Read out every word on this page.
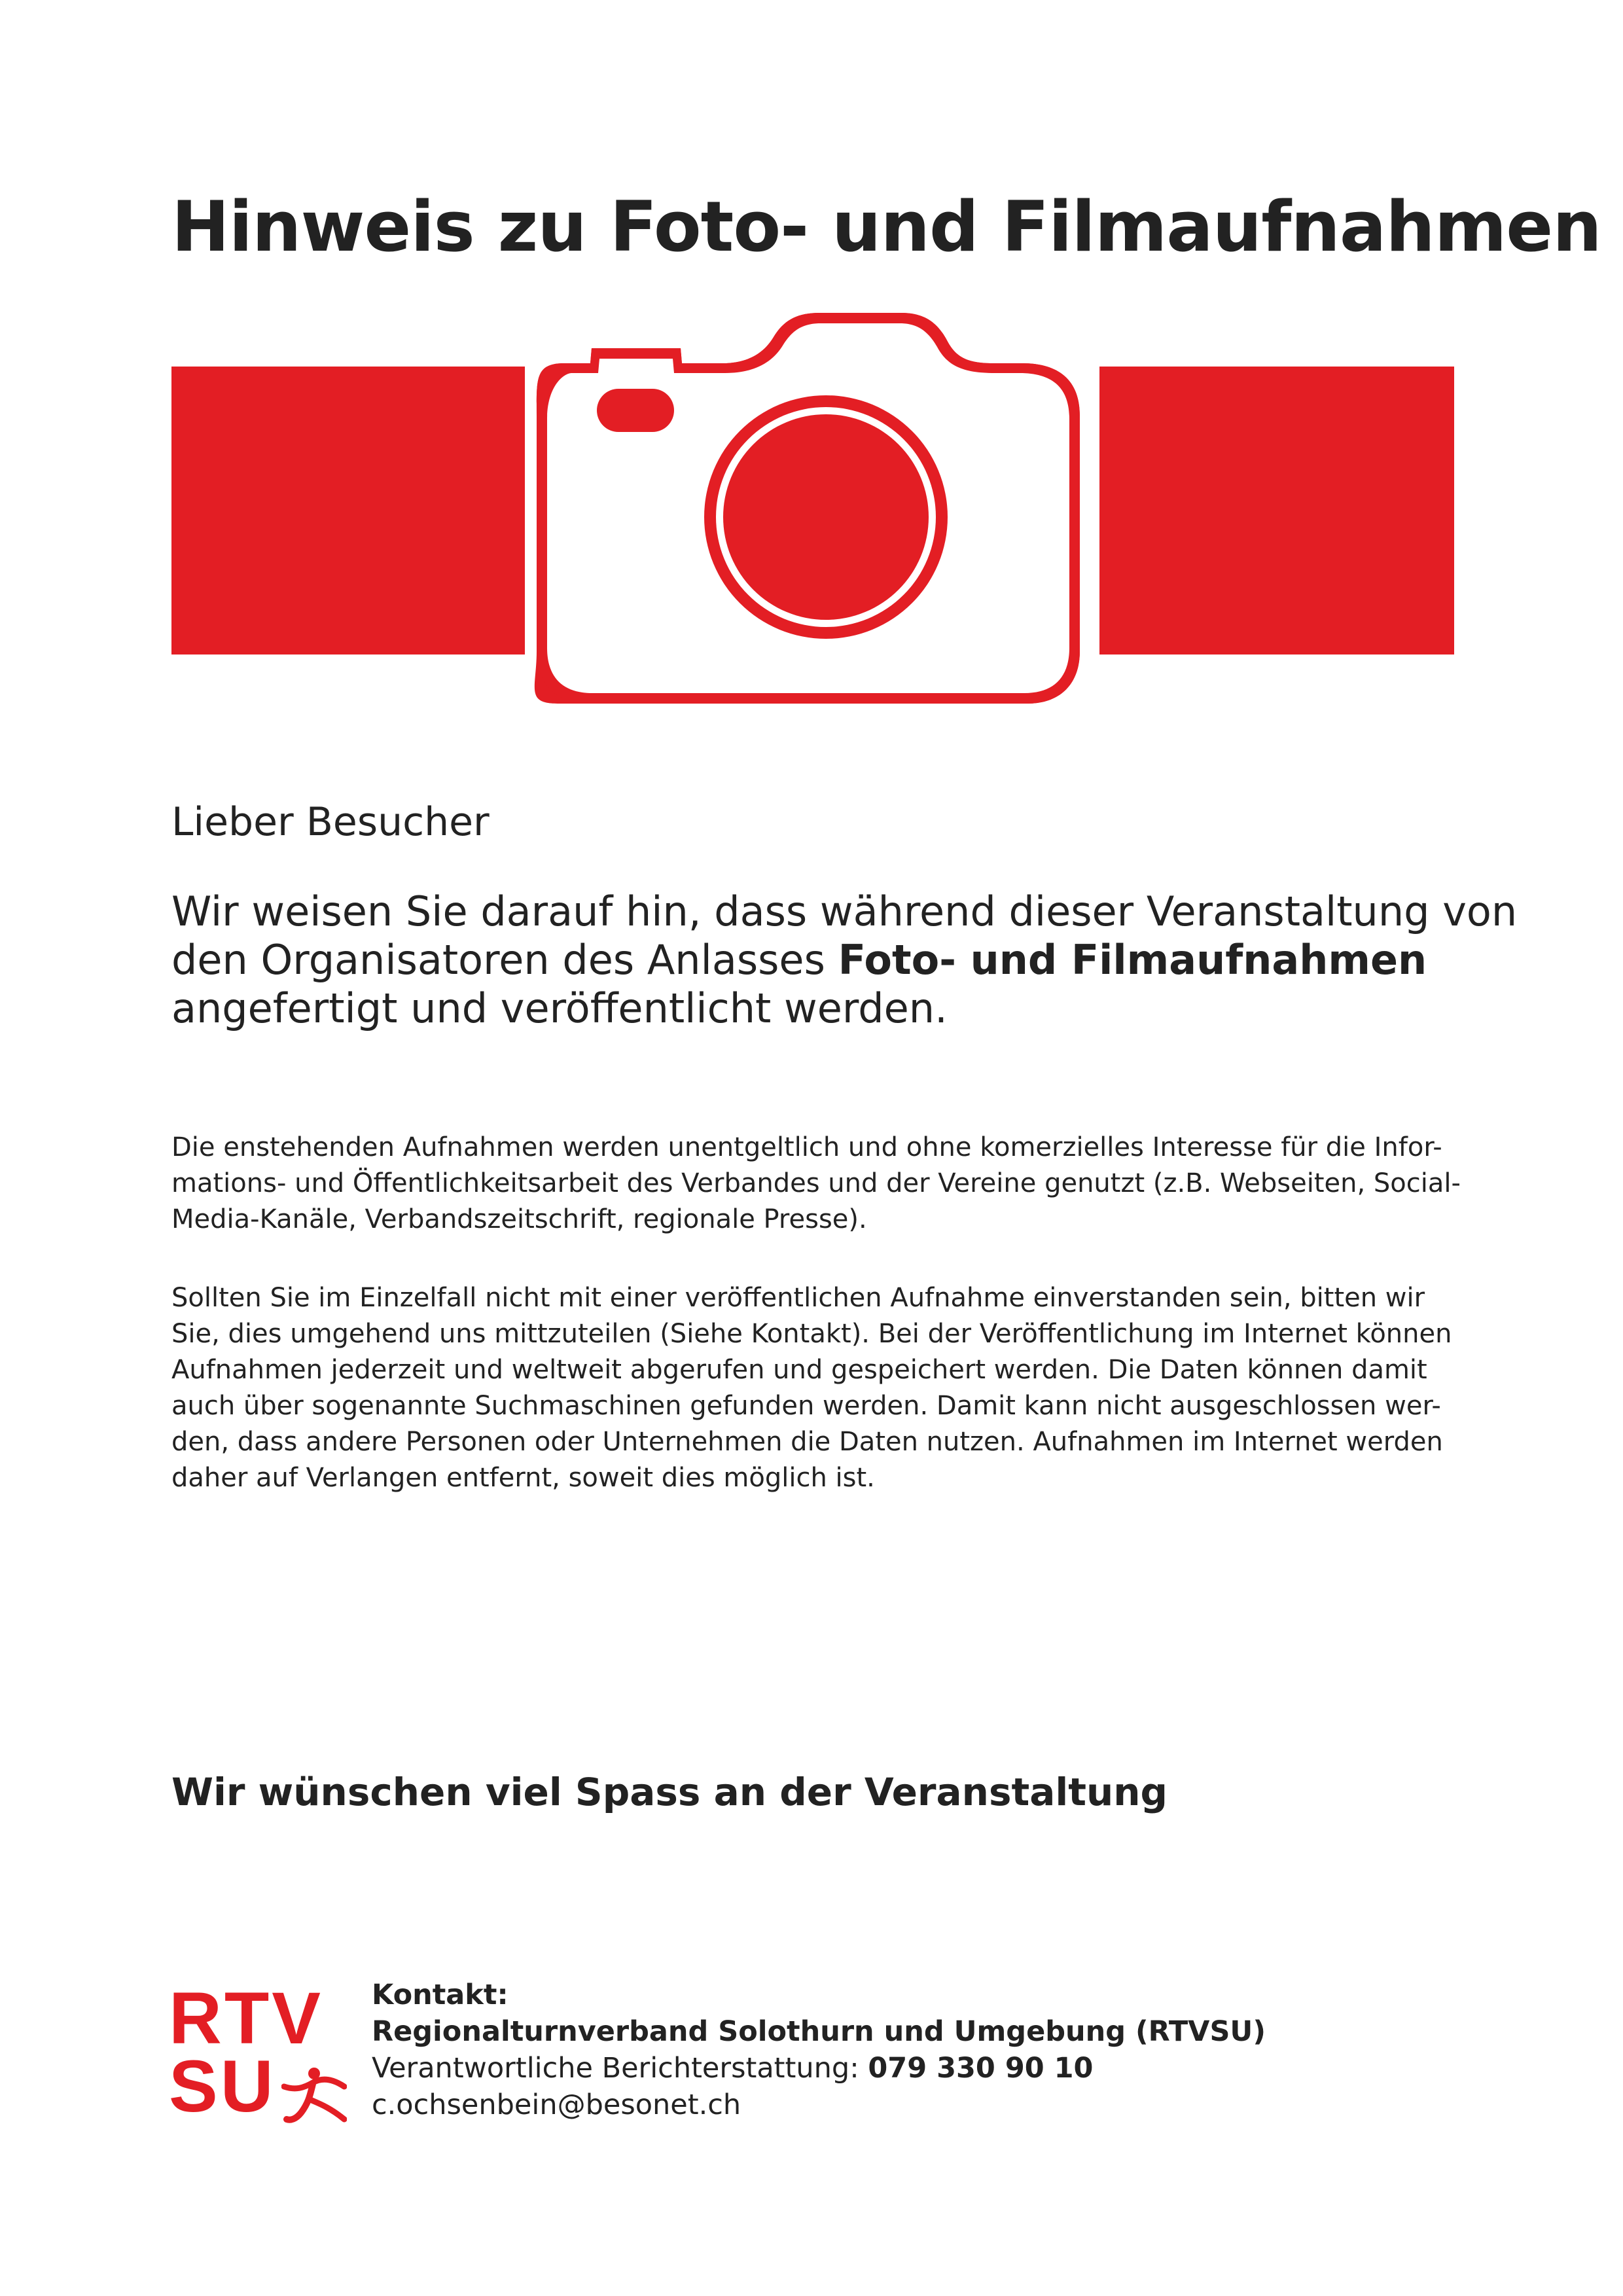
Hinweis zu Foto- und Filmaufnahmen

Lieber Besucher

Wir weisen Sie darauf hin, dass während dieser Veranstaltung von
den Organisatoren des Anlasses Foto- und Filmaufnahmen
angefertigt und veröffentlicht werden.

Die enstehenden Aufnahmen werden unentgeltlich und ohne komerzielles Interesse für die Infor-
mations- und Öffentlichkeitsarbeit des Verbandes und der Vereine genutzt (z.B. Webseiten, Social-
Media-Kanäle, Verbandszeitschrift, regionale Presse).

Sollten Sie im Einzelfall nicht mit einer veröffentlichen Aufnahme einverstanden sein, bitten wir
Sie, dies umgehend uns mittzuteilen (Siehe Kontakt). Bei der Veröffentlichung im Internet können
Aufnahmen jederzeit und weltweit abgerufen und gespeichert werden. Die Daten können damit
auch über sogenannte Suchmaschinen gefunden werden. Damit kann nicht ausgeschlossen wer-
den, dass andere Personen oder Unternehmen die Daten nutzen. Aufnahmen im Internet werden
daher auf Verlangen entfernt, soweit dies möglich ist.

Wir wünschen viel Spass an der Veranstaltung

RTV
SU
Kontakt:
Regionalturnverband Solothurn und Umgebung (RTVSU)
Verantwortliche Berichterstattung: 079 330 90 10
c.ochsenbein@besonet.ch
